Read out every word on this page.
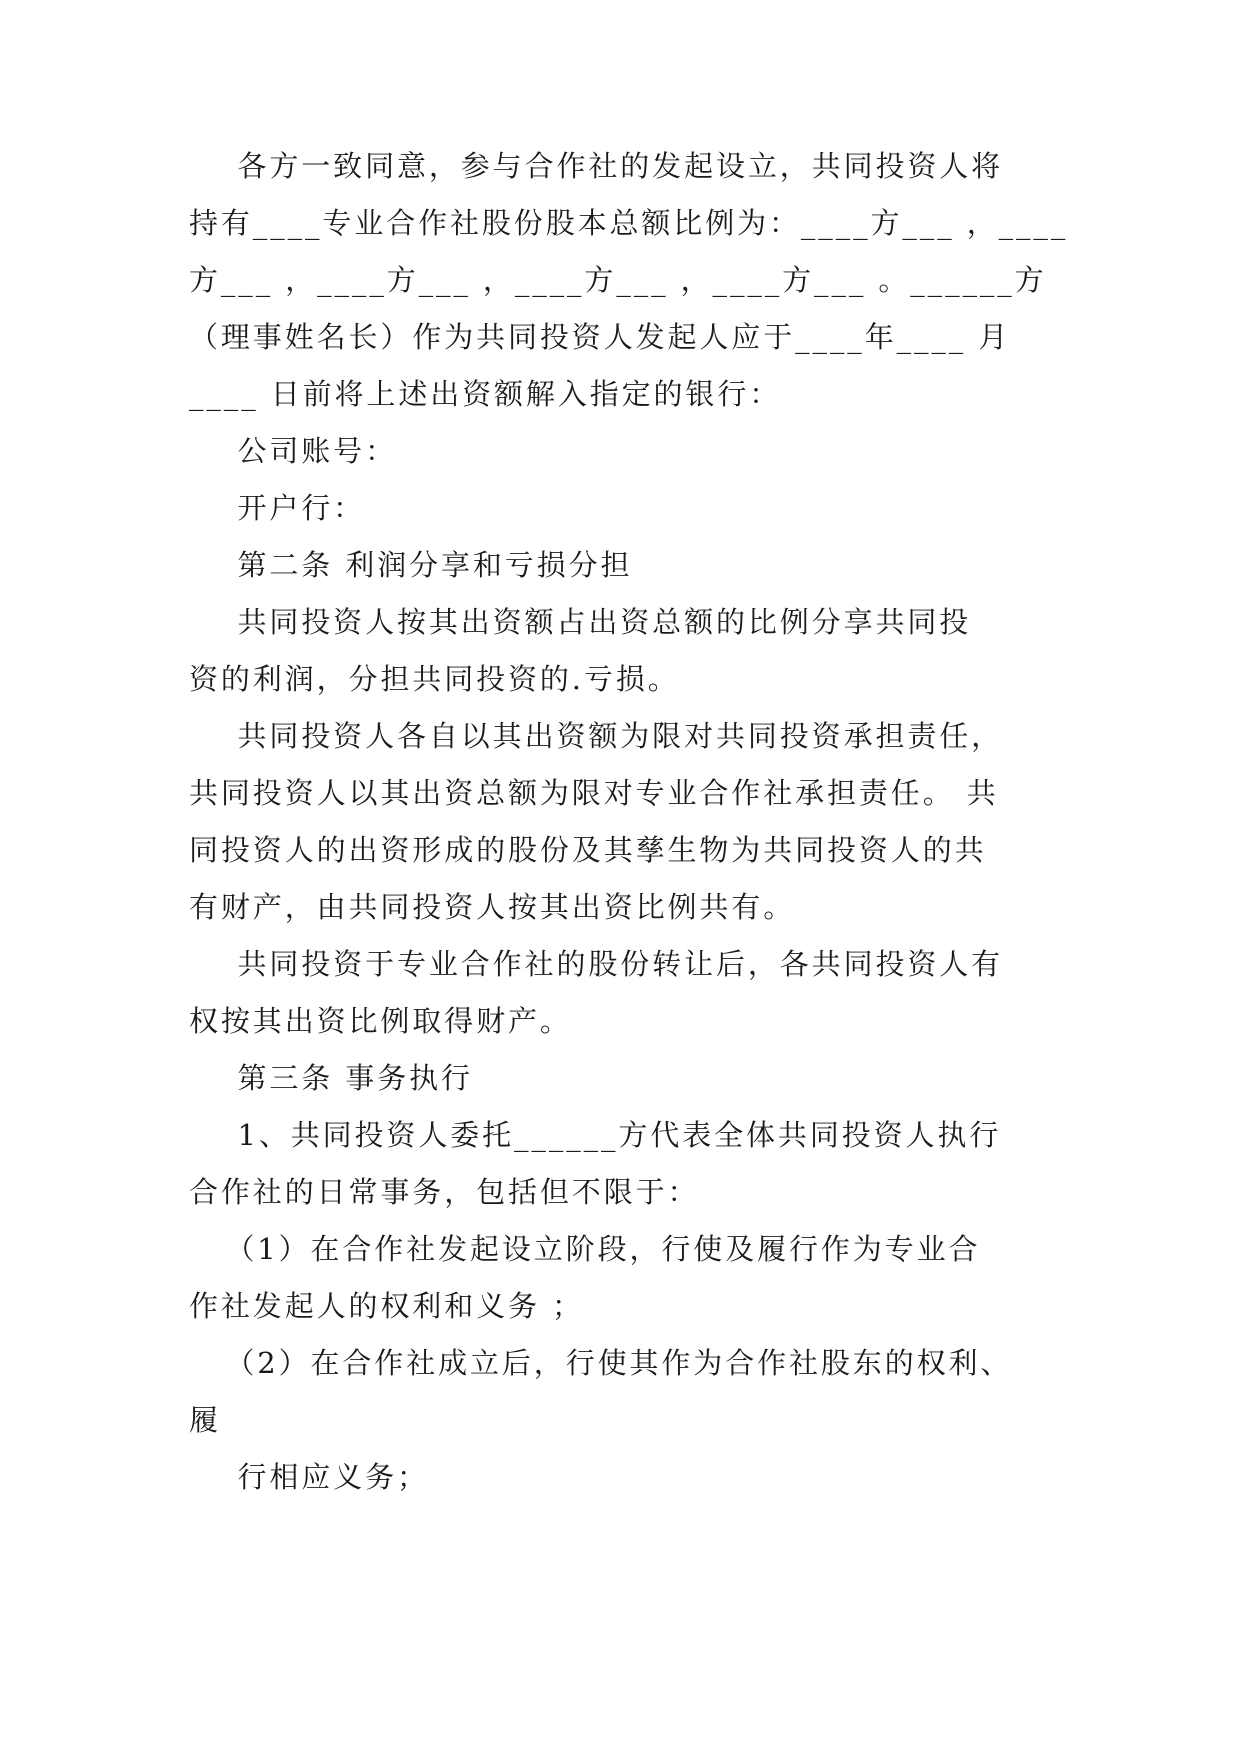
各方一致同意，参与合作社的发起设立，共同投资人将
持有____专业合作社股份股本总额比例为：____方___ ，____
方___ ，____方___ ，____方___ ，____方___ 。______方
（理事姓名长）作为共同投资人发起人应于____年____ 月
____ 日前将上述出资额解入指定的银行：
公司账号：
开户行：
第二条 利润分享和亏损分担
共同投资人按其出资额占出资总额的比例分享共同投
资的利润，分担共同投资的.亏损。
共同投资人各自以其出资额为限对共同投资承担责任，
共同投资人以其出资总额为限对专业合作社承担责任。 共
同投资人的出资形成的股份及其孳生物为共同投资人的共
有财产，由共同投资人按其出资比例共有。
共同投资于专业合作社的股份转让后，各共同投资人有
权按其出资比例取得财产。
第三条 事务执行
1、共同投资人委托______方代表全体共同投资人执行
合作社的日常事务，包括但不限于：
（1）在合作社发起设立阶段，行使及履行作为专业合
作社发起人的权利和义务 ；
（2）在合作社成立后，行使其作为合作社股东的权利、
履
行相应义务；
